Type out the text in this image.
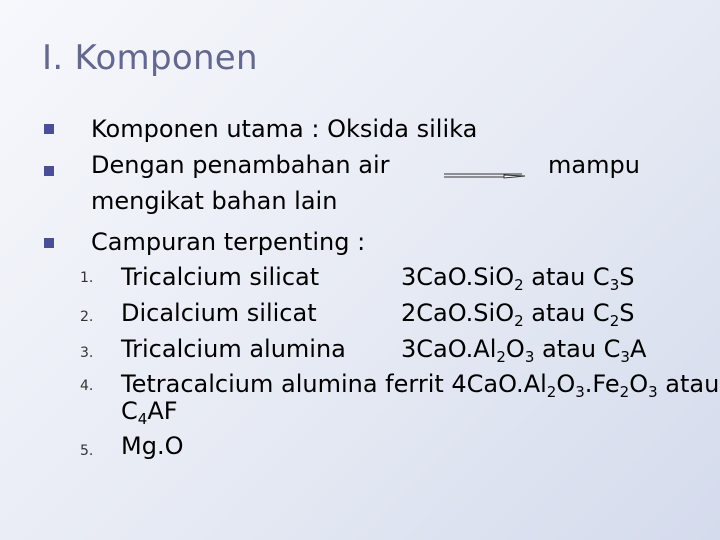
I. Komponen
Komponen utama : Oksida silika
Dengan penambahan air	mampu
mengikat bahan lain
Campuran terpenting :
1. Tricalcium silicat	3CaO.SiO$_2$ atau $C_3S$
2. Dicalcium silicat	2CaO.SiO$_2$ atau $C_2S$
3. Tricalcium alumina $3CaO.Al_2O_3$ atau $C_3A$
4. Tetracalcium alumina ferrit $4CaO.Al_2O_3.Fe_2O_3$ atau
$C_4AF$
5. Mg.O
